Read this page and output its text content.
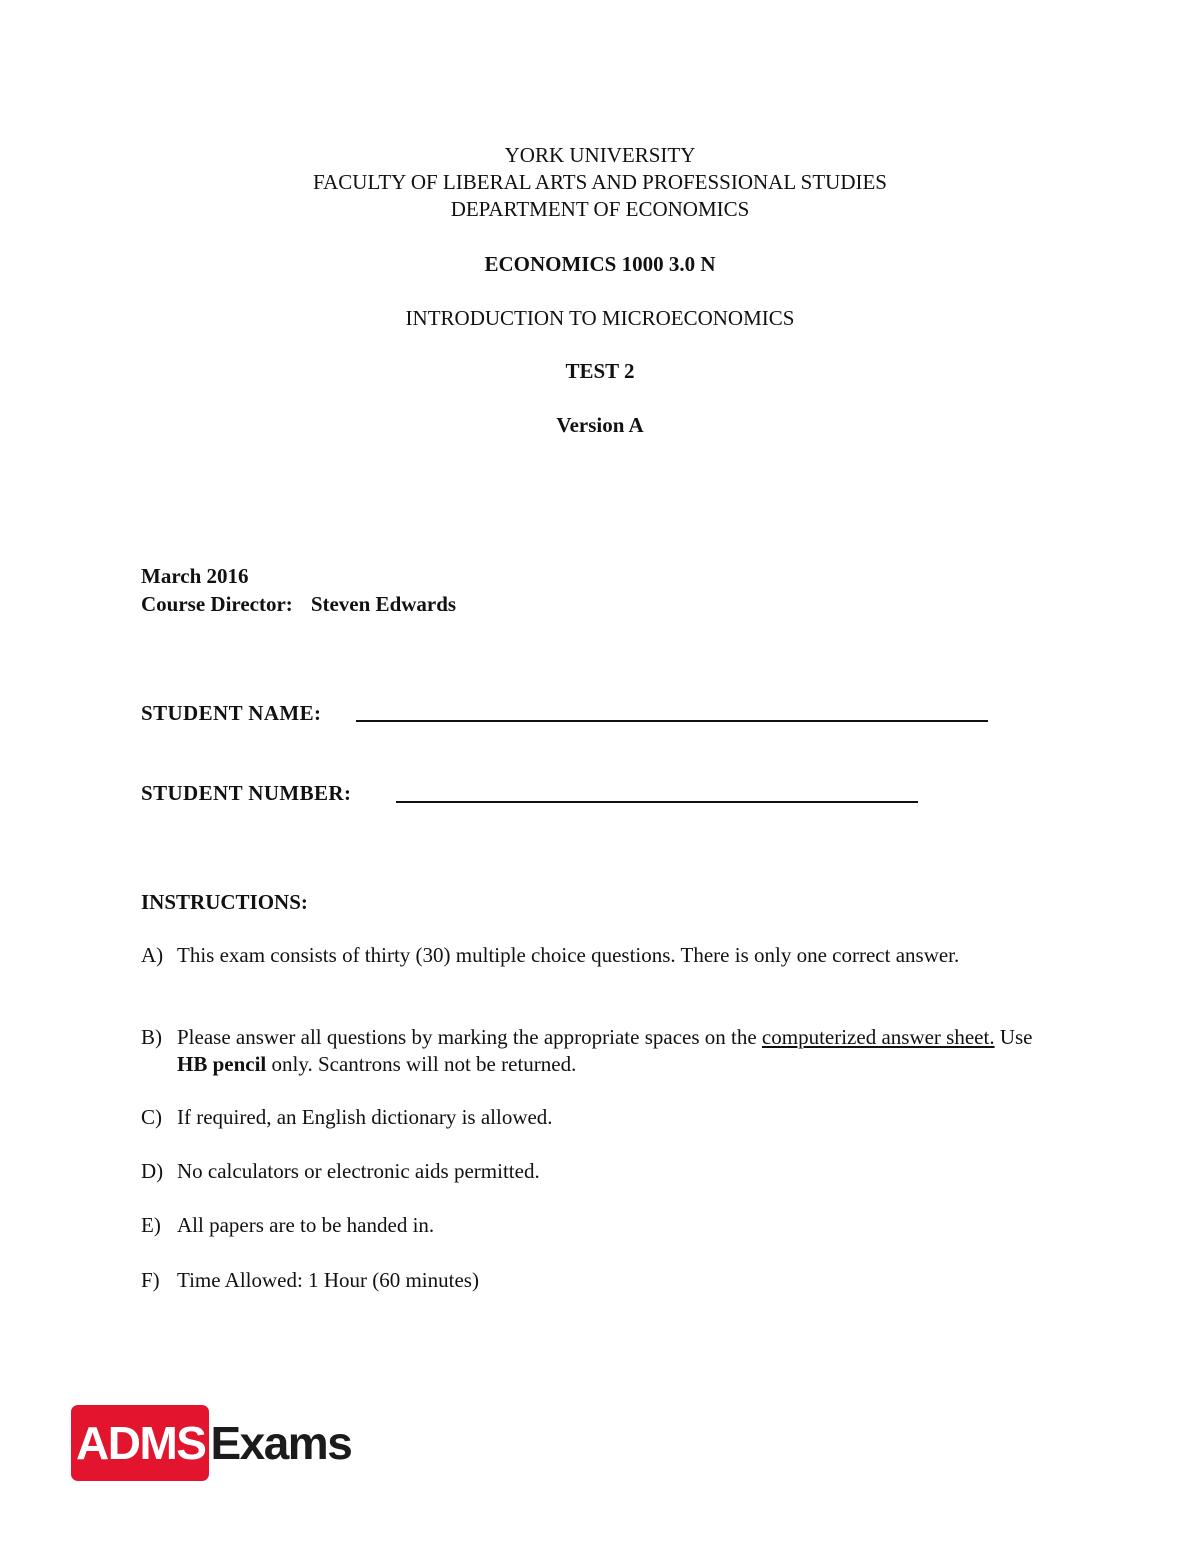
YORK UNIVERSITY
FACULTY OF LIBERAL ARTS AND PROFESSIONAL STUDIES
DEPARTMENT OF ECONOMICS
ECONOMICS 1000 3.0 N
INTRODUCTION TO MICROECONOMICS
TEST 2
Version A
March 2016
Course Director: Steven Edwards
STUDENT NAME:
STUDENT NUMBER:
INSTRUCTIONS:
A) This exam consists of thirty (30) multiple choice questions. There is only one correct answer.
B) Please answer all questions by marking the appropriate spaces on the computerized answer sheet. Use HB pencil only. Scantrons will not be returned.
C) If required, an English dictionary is allowed.
D) No calculators or electronic aids permitted.
E) All papers are to be handed in.
F) Time Allowed: 1 Hour (60 minutes)
ADMS Exams
